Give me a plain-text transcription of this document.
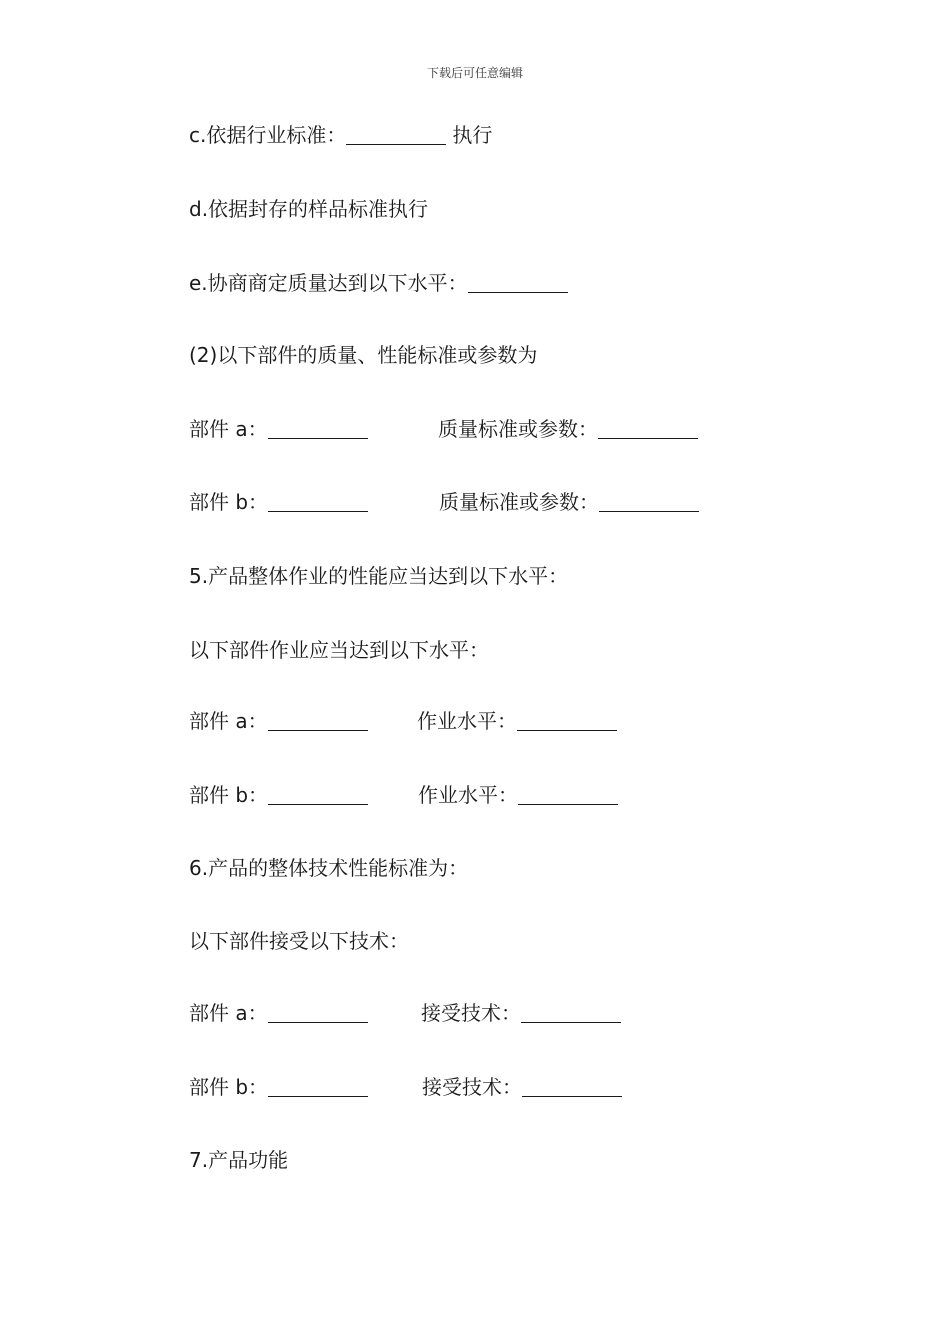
下载后可任意编辑
c.依据行业标准：	执行
d.依据封存的样品标准执行
e.协商商定质量达到以下水平：
(2)以下部件的质量、性能标准或参数为
部件 a：	质量标准或参数：
部件 b：	质量标准或参数：
5.产品整体作业的性能应当达到以下水平：
以下部件作业应当达到以下水平：
部件 a：	作业水平：
部件 b：	作业水平：
6.产品的整体技术性能标准为：
以下部件接受以下技术：
部件 a：	接受技术：
部件 b：	接受技术：
7.产品功能
